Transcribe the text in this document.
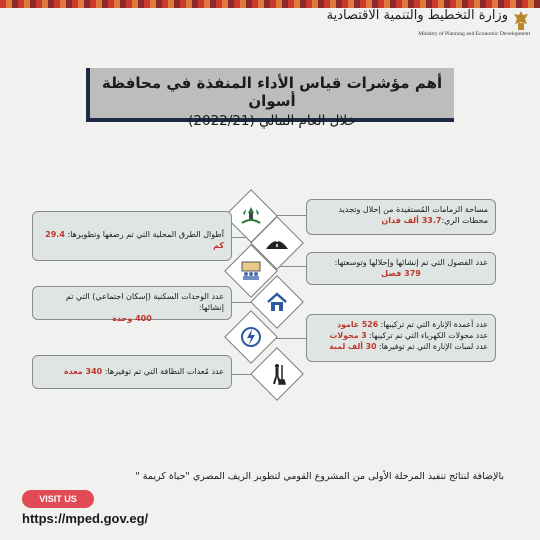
وزارة التخطيط والتنمية الاقتصادية
Ministry of Planning and Economic Development
أهم مؤشرات قياس الأداء المنفذة في محافظة أسوان
خلال العام المالي (2022/21)
مساحة الزمامات المُستفيدة من إحلال وتجديد محطات الري:33.7 ألف فدان
أطوال الطرق المحلية التي تم رصفها وتطويرها: 29.4 كم
عدد الفصول التي تم إنشائها وإحلالها وتوسعتها:
379 فصل
عدد الوحدات السكنية (إسكان اجتماعي) التي تم إنشائها:
400 وحدة
عدد أعمدة الإنارة التي تم تركيبها: 526 عامود
عدد محولات الكهرباء التي تم تركيبها: 3 محولات
عدد لمبات الإنارة التي تم توفيرها: 30 ألف لمبة
عدد مُعدات النظافة التي تم توفيرها: 340 معدة
بالإضافة لنتائج تنفيذ المرحلة الأولى من المشروع القومي لتطوير الريف المصري "حياة كريمة "
VISIT US
https://mped.gov.eg/
